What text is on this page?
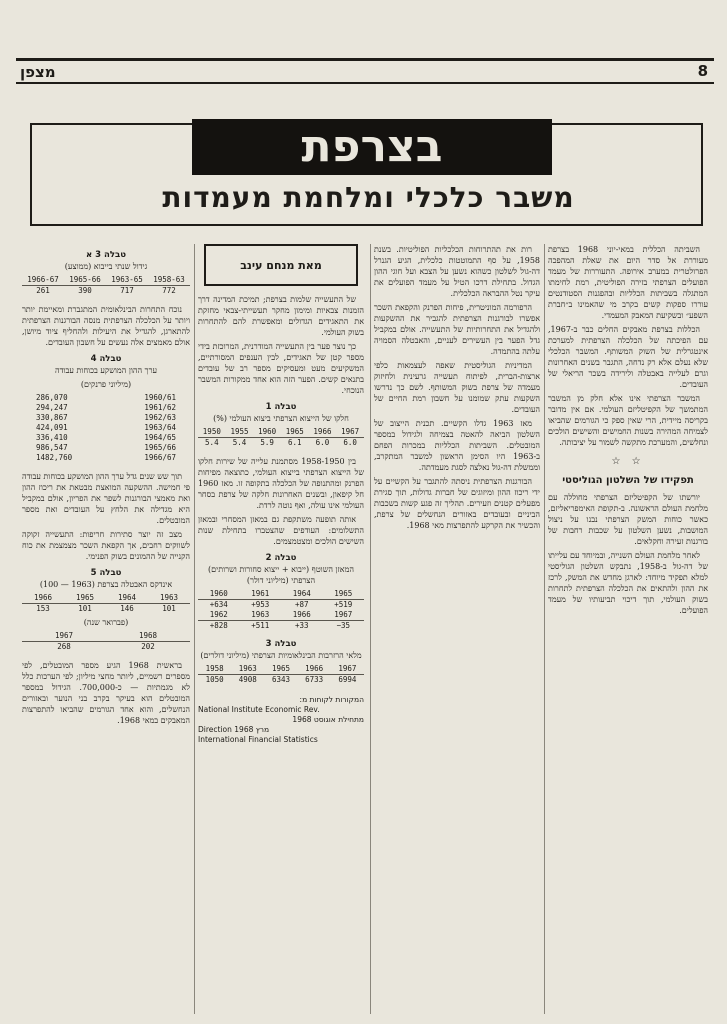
מצפן	8
בצרפת
משבר כלכלי ומלחמת מעמדות

השביתה הכללית במאי-יוני 1968 בצרפת מעוררת אל סדר היום את שאלת המהפכה הפרולטרית במערב אירופה. התעוררות של מעמד הפועלים הצרפתי בזירה הפוליטית, רמת לחימתו המתגלה בשביתות הכלליות ובהפגנות הסטודנטים עוררו ספקות קשים בקרב מי שהאמינו ב״חברת השפע״ ובשקיעת המאבק המעמדי.

הכללות בצרפת מאבקים החלים כבר ב-1967, עם הפיכתה של הכלכלה הצרפתית למערכת אינטגרלית של השוק המשותף. המשבר הכלכלי שלא נעלם אלא רק נדחה, התגבר בשנים האחרונות וגרם לעלייה באבטלה ולירידה בשכר הריאלי של העובדים.

המשבר הצרפתי אינו אלא חלק מן המשבר המתמשך של הקפיטליזם העולמי. אם אין מדובר בקריסה מיידית, הרי שאין ספק כי הגורמים שהביאו לצמיחה המהירה בשנות החמישים והשישים הולכים ונחלשים, והמערכת מתקשה לשמור על יציבותה.

☆ ☆
תפקידו של השלטון הגוליסטי

יורשתו של הקפיטליזם הצרפתי מחוללה עם מלחמת העולם הראשונה. ב-תקופת האימפריאליזם, כאשר כוחות המשק הצרפתי נבנו על ניצול המושבות, נשען השלטון על שכבות רחבות של בורגנות זעירה וחקלאים.

לאחר מלחמת העולם השנייה, ובמיוחד עם עלייתו של דה-גול ב-1958, נתבקש השלטון הגוליסטי למלא תפקיד מיוחד: לארגן מחדש את המשק, לרכז את ההון ולהתאים את הכלכלה הצרפתית לתחרות בשוק העולמי, תוך דיכוי תביעותיו של מעמד הפועלים.

רות את תהתרוחות הכלכליות הפוליטיות. בשנת 1958, על סף התמוטטות כלכלית, הגיע הגנרל דה-גול לשלטון כשהוא נשען על הצבא ועל חוגי ההון הגדול. בתחילת דרכו הטיל על מעמד הפועלים את עיקר נטל ההבראה הכלכלית.

הרפורמה המוניטרית, פיחות הפרנק והקפאת השכר אפשרו לבורגנות הצרפתית להגביר את ההשקעות ולהגדיל את התחרותיות של התעשייה. אולם במקביל גדל הפער בין העשירים לעניים, והאבטלה הסמויה עלתה בהתמדה.

המדיניות הגוליסטית שאפה לעצמאות כלפי ארצות-הברית, לפיתוח תעשייה גרעינית ולחיזוק מעמדה של צרפת בשוק המשותף. לשם כך נדרשו השקעות עתק שמומנו על חשבון רמת החיים של העובדים.

מאז 1963 גדלו הקשיים. תכנית הייצוב של השלטון הביאה להאטה בצמיחה ולגידול במספר המובטלים. השביתות הכלליות במכרות הפחם ב-1963 היו הסימן הראשון למשבר המתקרב, וממשלת דה-גול נאלצה לסגת מעמדתה.

הבורגנות הצרפתית ניסתה להתגבר על הקשיים על ידי ריכוז ההון ומיזוגים של חברות גדולות, תוך סגירת מפעלים קטנים וזעירים. תהליך זה פגע קשות בשכבות הביניים ובעובדים באזורים הנחשלים של צרפת, והכשיר את הקרקע להתפרצות מאי 1968.

מאת מנחם עינב

של התעשייה שלמות בצרפת; תמיכת המדינה דרך הזמנות צבאיות ומימון מחקר תעשייתי-צבאי מחזקת את התאגידים הגדולים ומאפשרת להם להתחרות בשוק העולמי.

כך נוצר פער בין התעשייה המודרנית, המרוכזת בידי מספר קטן של תאגידים, לבין הענפים המסורתיים, המשקיעים מעט ומעסיקים מספר רב של עובדים בתנאים קשים. הפער הזה הוא אחד ממקורות המשבר הנוכחי.

טבלה 1
חלקו של הייצוא הצרפתי ביצוא העולמי (%)
1950	1955	1960	1965	1966	1967
5.4	5.4	5.9	6.1	6.0	6.0

בין 1958-1950 מסתמנת עלייה של שירות חלקו של הייצוא הצרפתי בייצוא העולמי, כתוצאה מפיחות הפרנק ומהתנופה של הכלכלה בתקופה זו. מאז 1960 חל קיפאון, ובשנים האחרונות חלקה של צרפת בסחר העולמי אינו עולה, ואף נוטה לרדת.

אותה תופעה משתקפת גם במאזן המסחרי ובמאזן התשלומים: העודפים שהצטברו בתחילת שנות השישים הולכים ומצטמצמים.

טבלה 2
המאזן השוטף (ייבוא + ייצוא סחורות ושרותים) הצרפתי (מיליוני דולר)
1960	1961	1964	1965
+634	+953	+87	+519
1962	1963	1966	1967
+828	+511	+33	−35
טבלה 3
מלאי הרזרבות הבינלאומיות הצרפתי (מיליוני דולרים)
1958	1963	1965	1966	1967
1050	4908	6343	6733	6994
המקורות לקוחות מ:
National Institute Economic Rev.
מתחילת אוגוסט 1968
Direction מרץ 1968
International Financial Statistics
טבלה 3 א
גידול שנתי בייבוא (ממוצע)
1966-67	1965-66	1963-65	1958-63
261	390	717	772

נוכח התחרות הבינלאומית המתגברת ומאיימת יותר ויותר על הכלכלה הצרפתית מנסה הבורגנות הצרפתית להתארגן, להגדיל את היעילות ולהחליף ציוד מיושן, אולם מאמצים אלה נעשים על חשבון העובדים.

טבלה 4
ערך ההון המושקע בכוחות עבודה
(מיליוני פרנקים)
286,070	1960/61
294,247	1961/62
330,867	1962/63
424,091	1963/64
336,410	1964/65
986,547	1965/66
1482,760	1966/67

תוך שש שנים גדל ערך ההון המושקע בכוחות עבודה פי חמישה. ההשקעה המואצת מבטאת את ריכוז ההון ואת מאמצי הבורגנות לשפר את הפריון, אולם במקביל היא מגדילה את הלחץ על העובדים ואת מספר המובטלים.

מצב זה יוצר סתירות חריפות: התעשייה זקוקה לשווקים רחבים, אך הקפאת השכר מצמצמת את כוח הקנייה של ההמונים בשוק הפנימי.

טבלה 5
אינדקס האבטלה בצרפת (1963 — 100)
1966	1965	1964	1963
153	101	146	101
(פברואר שנה)
1967	1968
268	202

בראשית 1968 הגיע מספר המובטלים, לפי מספרים רשמיים, ליותר מחצי מיליון; לפי הערכות כלל לא מגמתיות — כ-700,000. הגידול במספר המובטלים הוא בעיקר בקרב בני הנוער ובאזורים הנחשלים, והוא אחד הגורמים שהביאו להתפרצות המאבקים במאי 1968.
